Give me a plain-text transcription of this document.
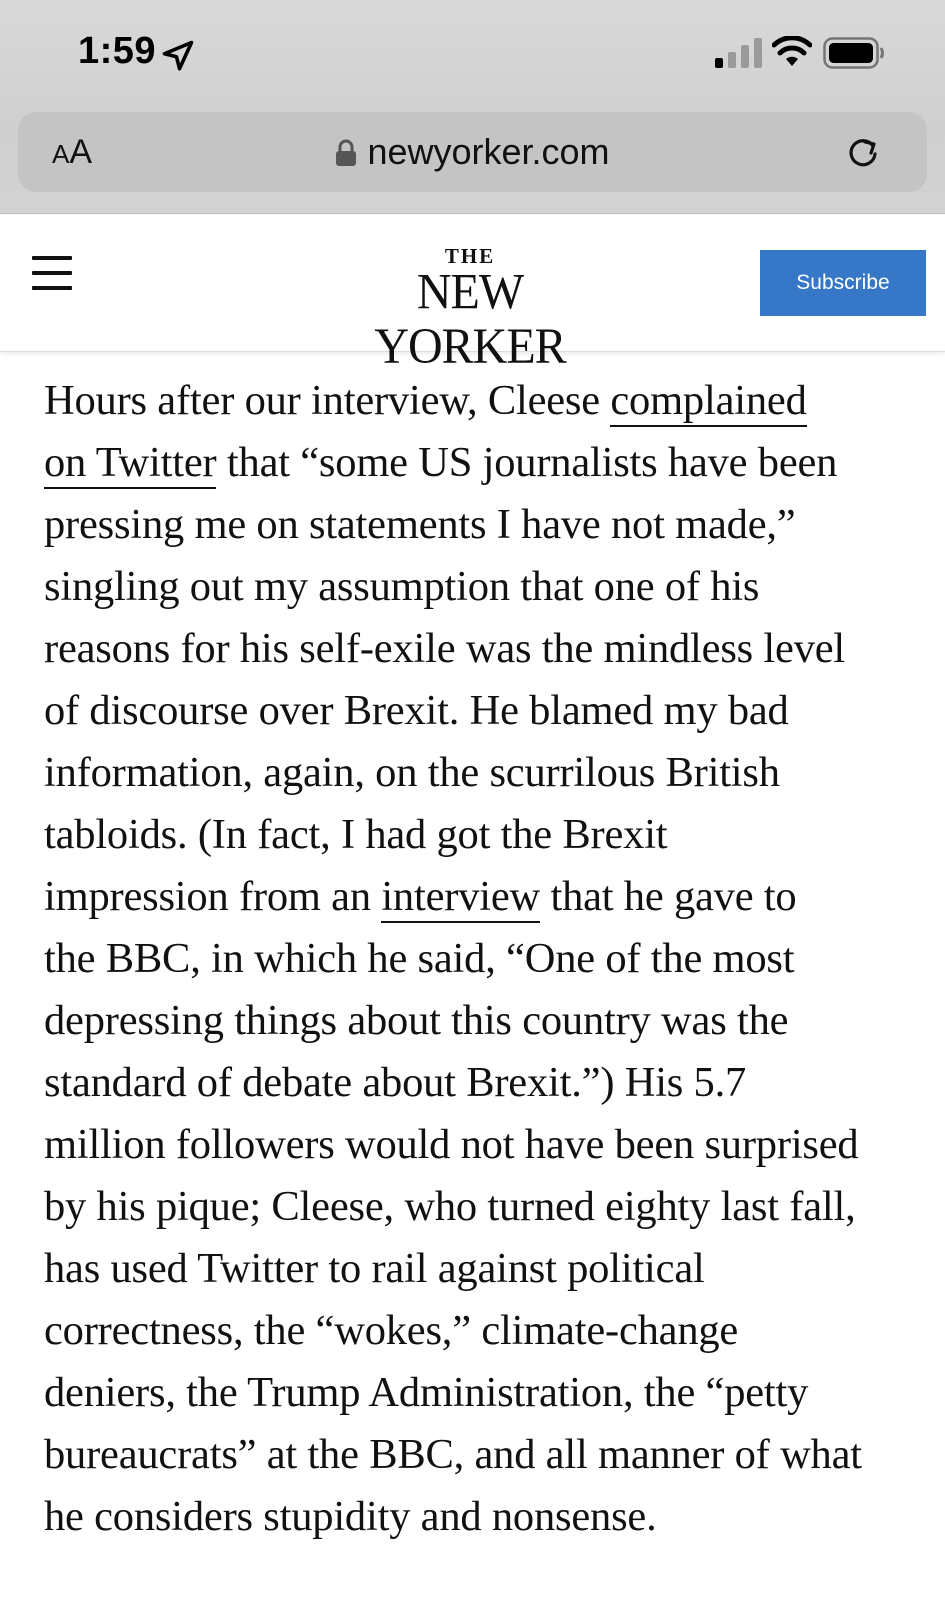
1:59
AA	newyorker.com
THE
NEW YORKER
Subscribe

Hours after our interview, Cleese complained
on Twitter that “some US journalists have been
pressing me on statements I have not made,”
singling out my assumption that one of his
reasons for his self-exile was the mindless level
of discourse over Brexit. He blamed my bad
information, again, on the scurrilous British
tabloids. (In fact, I had got the Brexit
impression from an interview that he gave to
the BBC, in which he said, “One of the most
depressing things about this country was the
standard of debate about Brexit.”) His 5.7
million followers would not have been surprised
by his pique; Cleese, who turned eighty last fall,
has used Twitter to rail against political
correctness, the “wokes,” climate-change
deniers, the Trump Administration, the “petty
bureaucrats” at the BBC, and all manner of what
he considers stupidity and nonsense.
